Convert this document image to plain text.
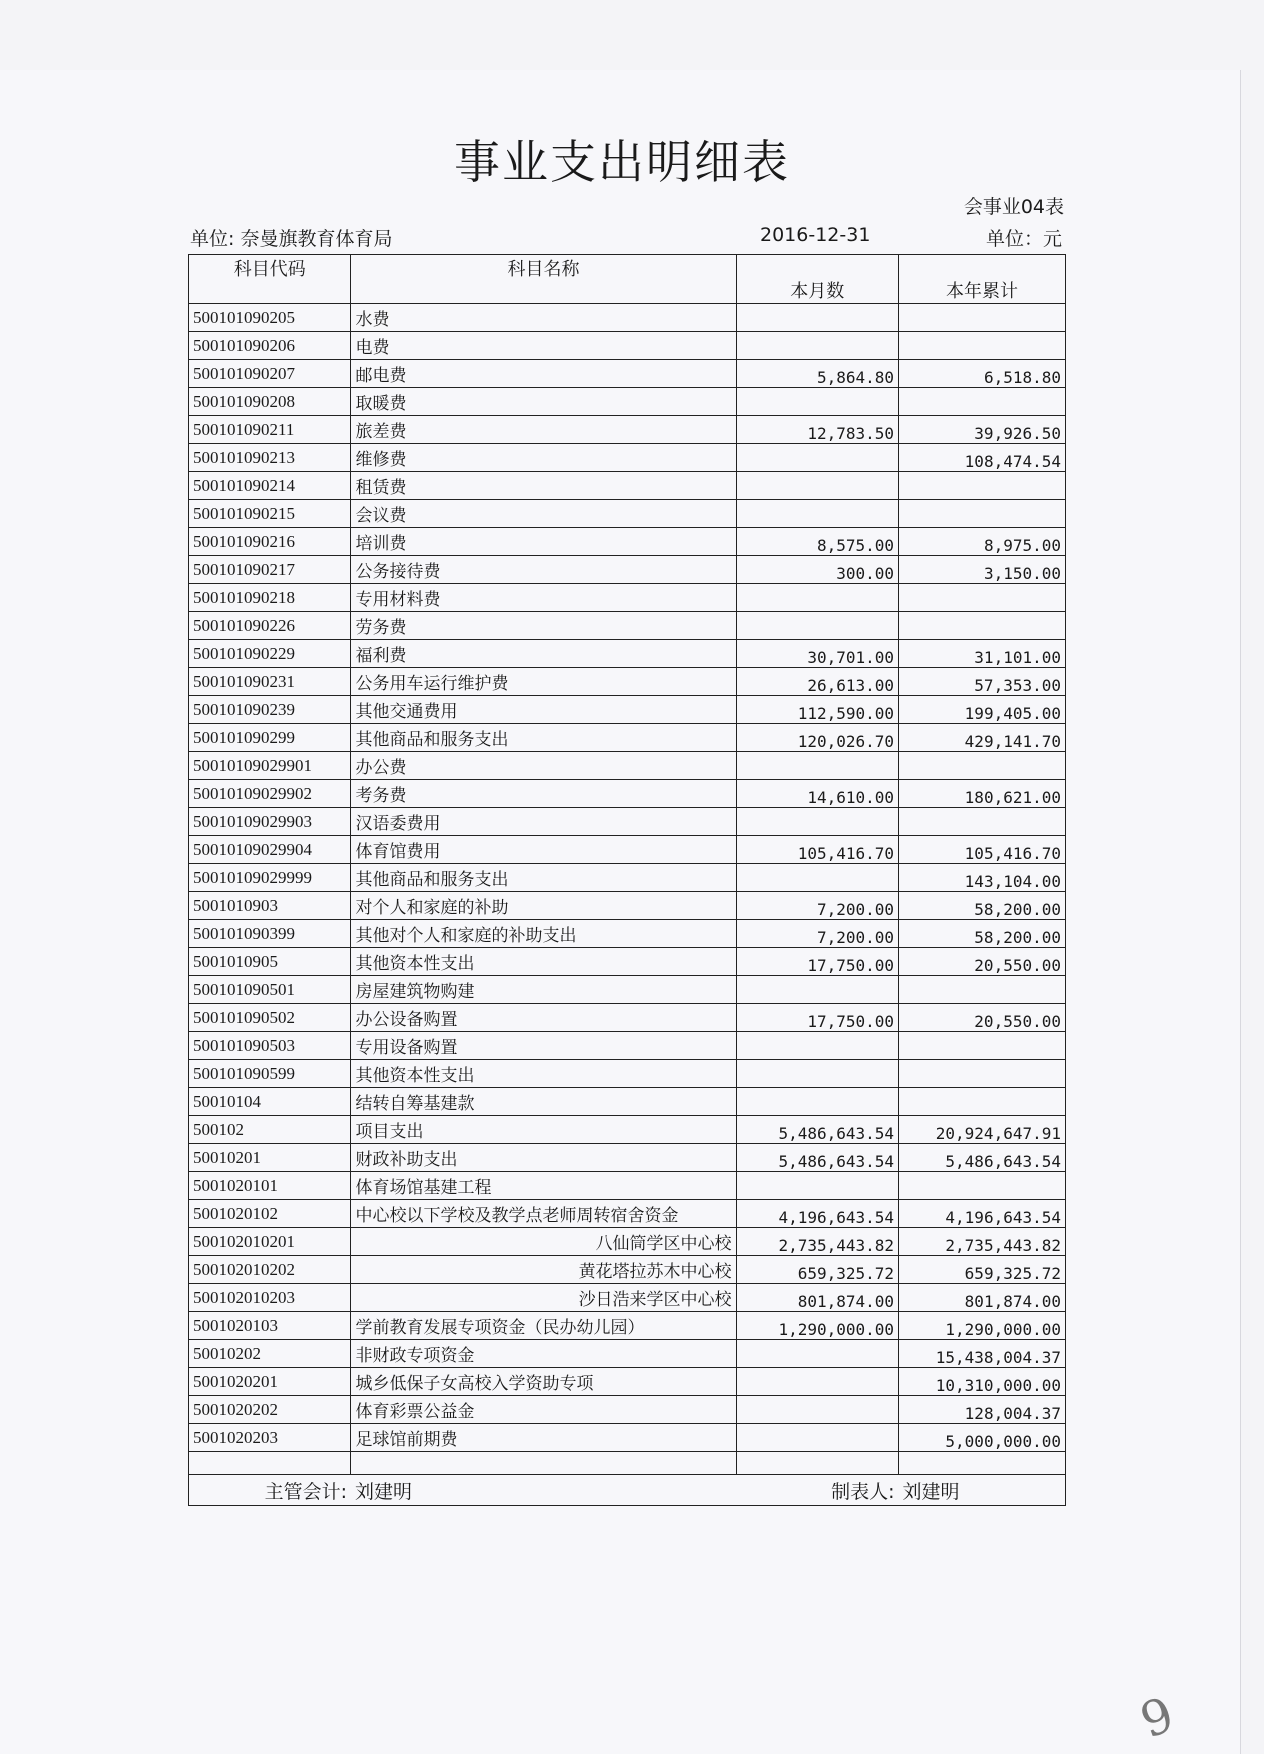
事业支出明细表
会事业04表
单位: 奈曼旗教育体育局	2016-12-31	单位：元
科目代码	科目名称	本月数	本年累计
500101090205	水费		
500101090206	电费		
500101090207	邮电费	5,864.80	6,518.80
500101090208	取暖费		
500101090211	旅差费	12,783.50	39,926.50
500101090213	维修费		108,474.54
500101090214	租赁费		
500101090215	会议费		
500101090216	培训费	8,575.00	8,975.00
500101090217	公务接待费	300.00	3,150.00
500101090218	专用材料费		
500101090226	劳务费		
500101090229	福利费	30,701.00	31,101.00
500101090231	公务用车运行维护费	26,613.00	57,353.00
500101090239	其他交通费用	112,590.00	199,405.00
500101090299	其他商品和服务支出	120,026.70	429,141.70
50010109029901	办公费		
50010109029902	考务费	14,610.00	180,621.00
50010109029903	汉语委费用		
50010109029904	体育馆费用	105,416.70	105,416.70
50010109029999	其他商品和服务支出		143,104.00
5001010903	对个人和家庭的补助	7,200.00	58,200.00
500101090399	其他对个人和家庭的补助支出	7,200.00	58,200.00
5001010905	其他资本性支出	17,750.00	20,550.00
500101090501	房屋建筑物购建		
500101090502	办公设备购置	17,750.00	20,550.00
500101090503	专用设备购置		
500101090599	其他资本性支出		
50010104	结转自筹基建款		
500102	项目支出	5,486,643.54	20,924,647.91
50010201	财政补助支出	5,486,643.54	5,486,643.54
5001020101	体育场馆基建工程		
5001020102	中心校以下学校及教学点老师周转宿舍资金	4,196,643.54	4,196,643.54
500102010201	八仙筒学区中心校	2,735,443.82	2,735,443.82
500102010202	黄花塔拉苏木中心校	659,325.72	659,325.72
500102010203	沙日浩来学区中心校	801,874.00	801,874.00
5001020103	学前教育发展专项资金（民办幼儿园）	1,290,000.00	1,290,000.00
50010202	非财政专项资金		15,438,004.37
5001020201	城乡低保子女高校入学资助专项		10,310,000.00
5001020202	体育彩票公益金		128,004.37
5001020203	足球馆前期费		5,000,000.00

主管会计:	刘建明	制表人:	刘建明
9
